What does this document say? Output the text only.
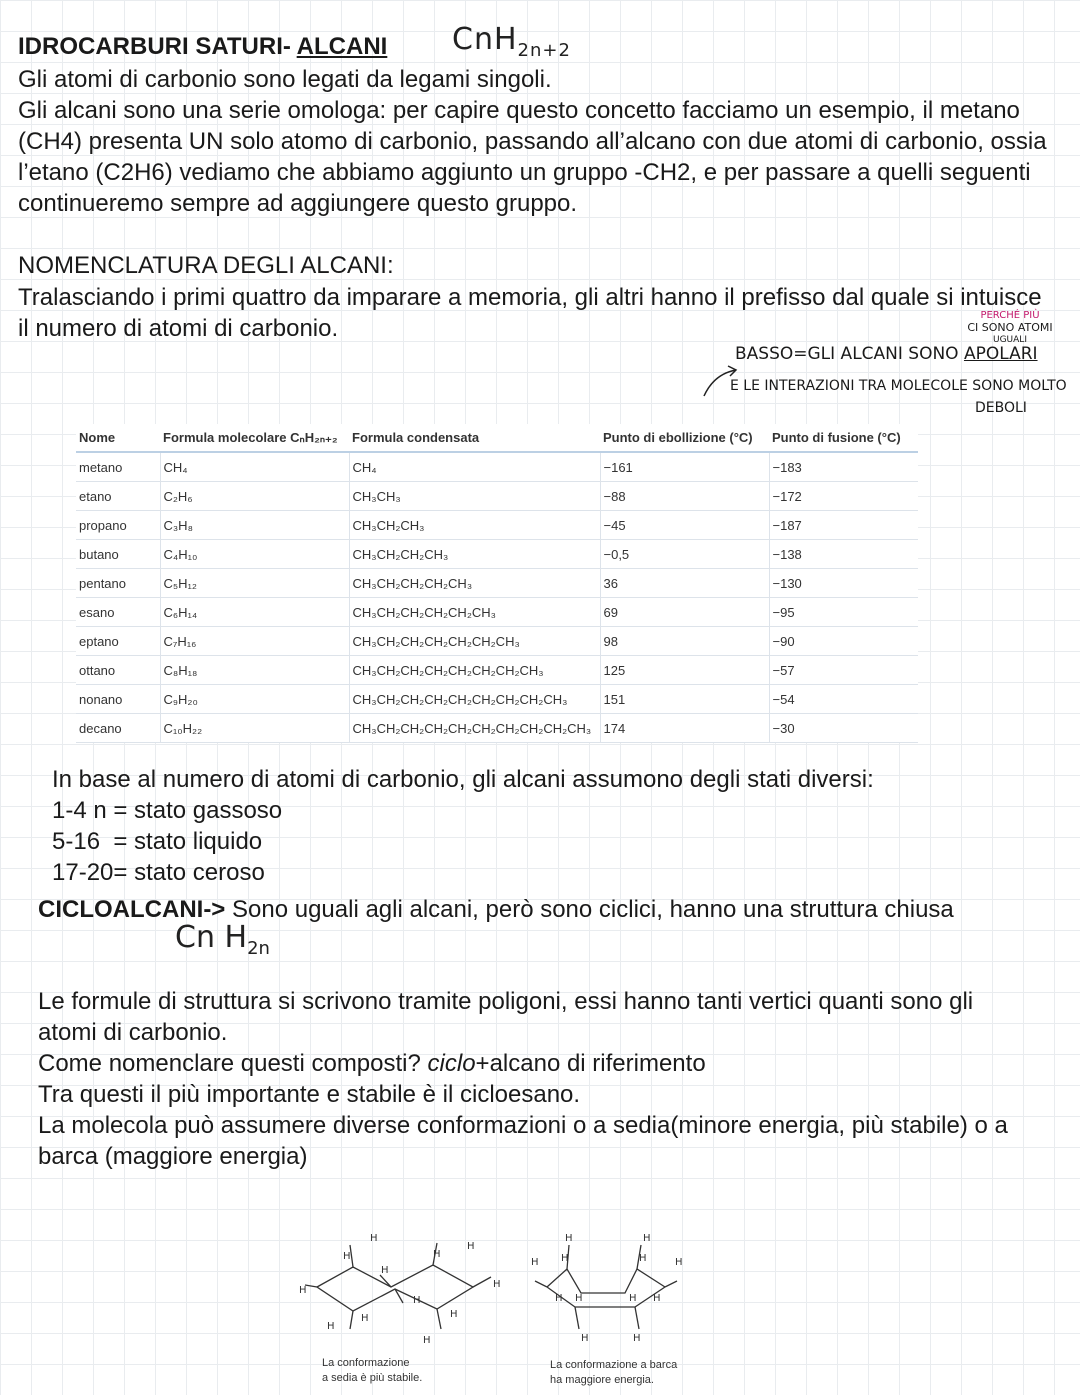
IDROCARBURI SATURI- ALCANI CnH$_{2n+2}$

Gli atomi di carbonio sono legati da legami singoli.

Gli alcani sono una serie omologa: per capire questo concetto facciamo un esempio, il metano (CH4) presenta UN solo atomo di carbonio, passando all’alcano con due atomi di carbonio, ossia l’etano (C2H6) vediamo che abbiamo aggiunto un gruppo -CH2, e per passare a quelli seguenti continueremo sempre ad aggiungere questo gruppo.

NOMENCLATURA DEGLI ALCANI:

Tralasciando i primi quattro da imparare a memoria, gli altri hanno il prefisso dal quale si intuisce il numero di atomi di carbonio.	PERCHÉ PIÙ
CI SONO ATOMI
UGUALI
BASSO=GLI ALCANI SONO APOLARI
E LE INTERAZIONI TRA MOLECOLE SONO MOLTO
DEBOLI
Nome	Formula molecolare CₙH₂ₙ₊₂	Formula condensata	Punto di ebollizione (°C)	Punto di fusione (°C)
metano	CH₄	CH₄	−161	−183
etano	C₂H₆	CH₃CH₃	−88	−172
propano	C₃H₈	CH₃CH₂CH₃	−45	−187
butano	C₄H₁₀	CH₃CH₂CH₂CH₃	−0,5	−138
pentano	C₅H₁₂	CH₃CH₂CH₂CH₂CH₃	36	−130
esano	C₆H₁₄	CH₃CH₂CH₂CH₂CH₂CH₃	69	−95
eptano	C₇H₁₆	CH₃CH₂CH₂CH₂CH₂CH₂CH₃	98	−90
ottano	C₈H₁₈	CH₃CH₂CH₂CH₂CH₂CH₂CH₂CH₃	125	−57
nonano	C₉H₂₀	CH₃CH₂CH₂CH₂CH₂CH₂CH₂CH₂CH₃	151	−54
decano	C₁₀H₂₂	CH₃CH₂CH₂CH₂CH₂CH₂CH₂CH₂CH₂CH₃	174	−30

In base al numero di atomi di carbonio, gli alcani assumono degli stati diversi:

1-4 n = stato gassoso

5-16  = stato liquido

17-20= stato ceroso

CICLOALCANI-> Sono uguali agli alcani, però sono ciclici, hanno una struttura chiusa

Cn $H_{2n}$

Le formule di struttura si scrivono tramite poligoni, essi hanno tanti vertici quanti sono gli atomi di carbonio.

Come nomenclare questi composti? ciclo+alcano di riferimento

Tra questi il più importante e stabile è il cicloesano.

La molecola può assumere diverse conformazioni o a sedia(minore energia, più stabile) o a barca (maggiore energia)

H
H
H
H
H
H
H
H
H
H
H
H
La conformazione
a sedia è più stabile.
H
H H
H
H	H
H H	H H
H	H
La conformazione a barca
ha maggiore energia.
